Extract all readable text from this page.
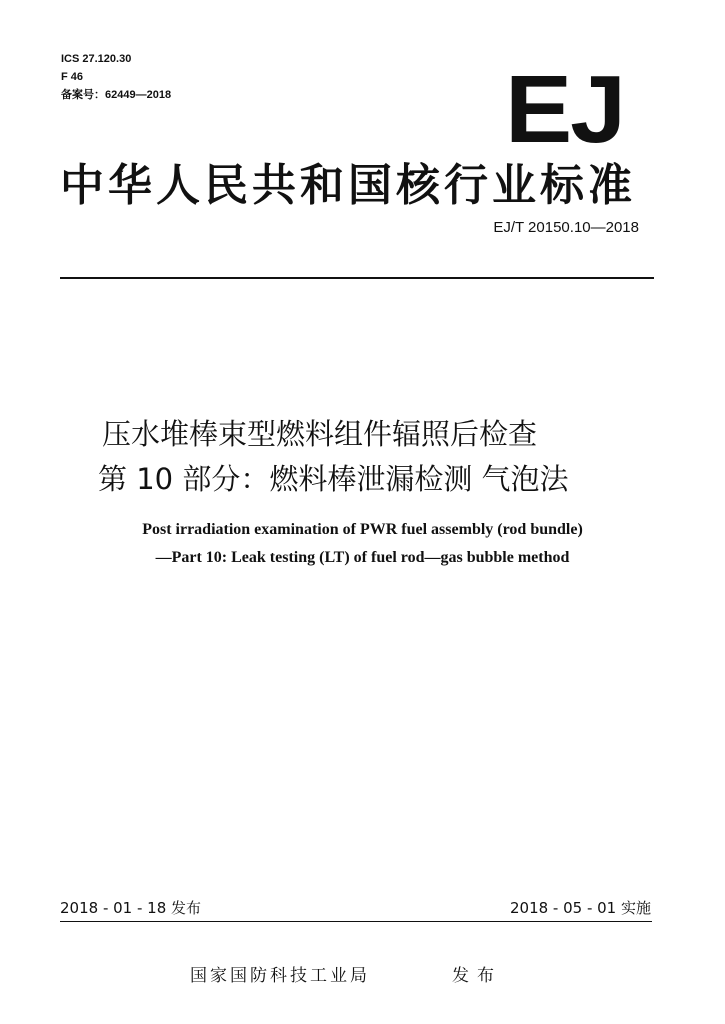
ICS 27.120.30
F 46
备案号：62449—2018	EJ
中华人民共和国核行业标准
EJ/T 20150.10—2018
压水堆棒束型燃料组件辐照后检查
第 10 部分：燃料棒泄漏检测 气泡法
Post irradiation examination of PWR fuel assembly (rod bundle)
—Part 10: Leak testing (LT) of fuel rod—gas bubble method
2018 - 01 - 18 发布	2018 - 05 - 01 实施
国家国防科技工业局	发布
